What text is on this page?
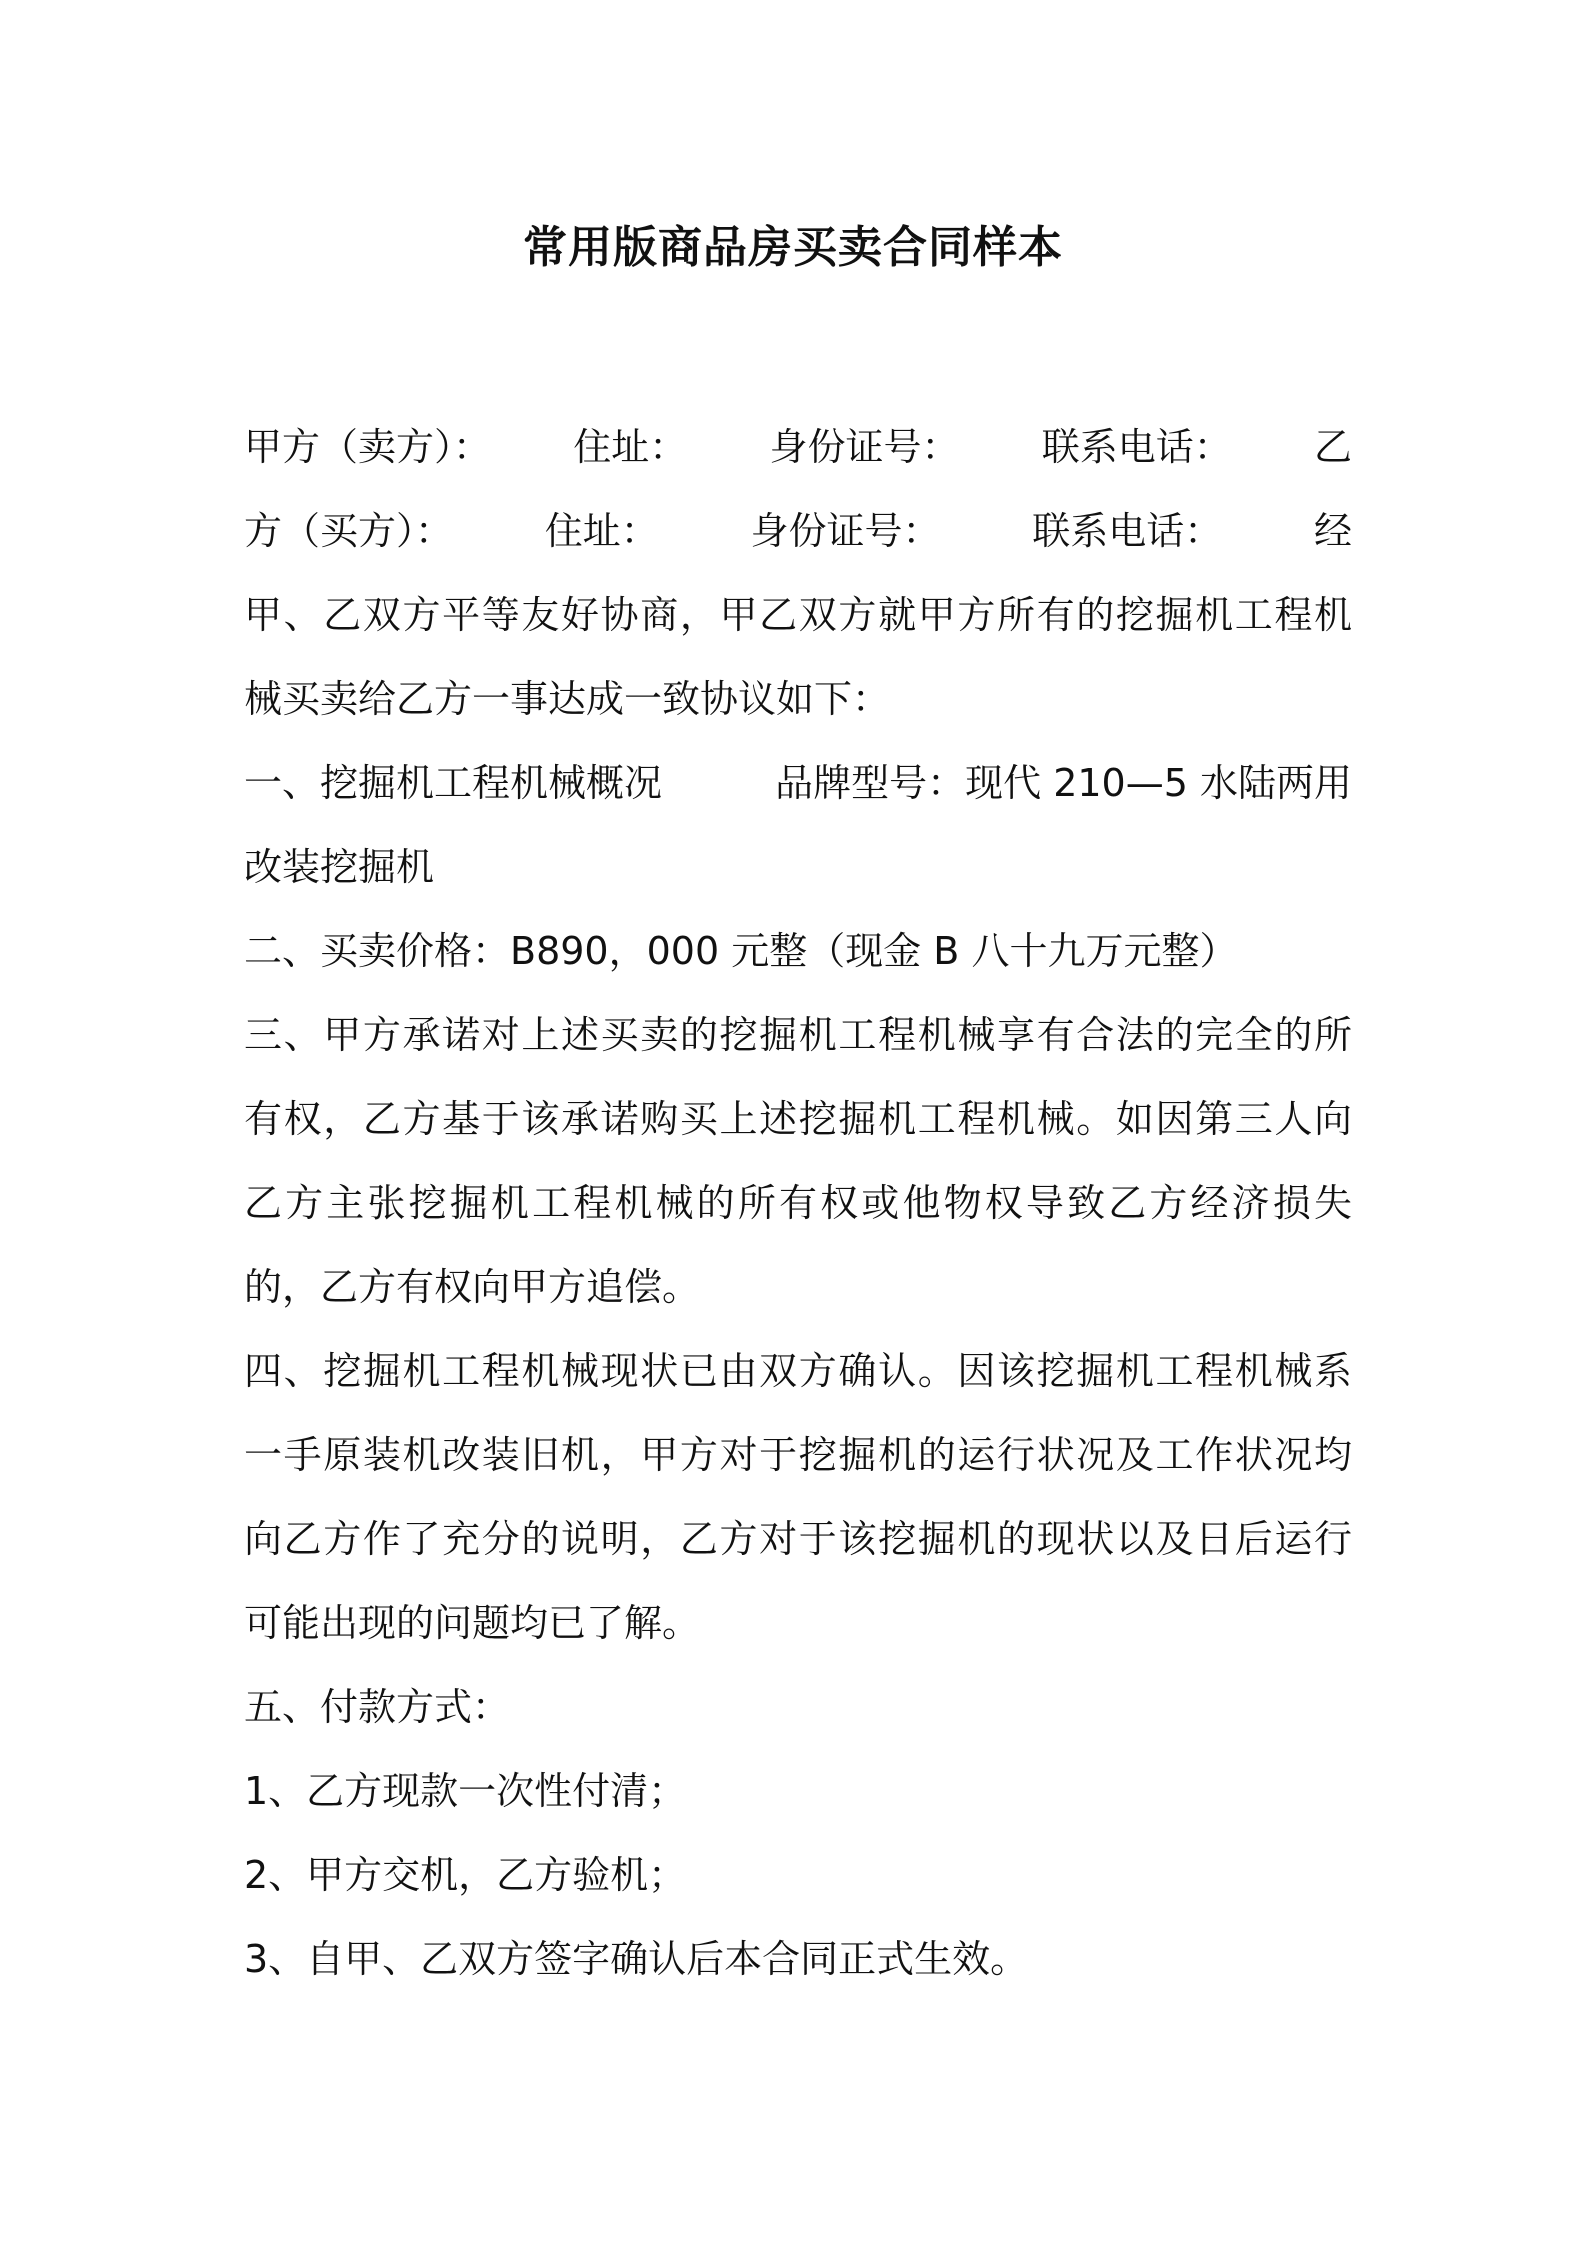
常用版商品房买卖合同样本
甲方（卖方）： 住址： 身份证号： 联系电话： 乙
方（买方）： 住址： 身份证号： 联系电话： 经
甲、乙双方平等友好协商，甲乙双方就甲方所有的挖掘机工程机
械买卖给乙方一事达成一致协议如下：
一、挖掘机工程机械概况	品牌型号：现代 210—5 水陆两用
改装挖掘机
二、买卖价格：B890，000 元整（现金 B 八十九万元整）
三、甲方承诺对上述买卖的挖掘机工程机械享有合法的完全的所
有权，乙方基于该承诺购买上述挖掘机工程机械。如因第三人向
乙方主张挖掘机工程机械的所有权或他物权导致乙方经济损失
的，乙方有权向甲方追偿。
四、挖掘机工程机械现状已由双方确认。因该挖掘机工程机械系
一手原装机改装旧机，甲方对于挖掘机的运行状况及工作状况均
向乙方作了充分的说明，乙方对于该挖掘机的现状以及日后运行
可能出现的问题均已了解。
五、付款方式：
1、乙方现款一次性付清；
2、甲方交机，乙方验机；
3、自甲、乙双方签字确认后本合同正式生效。
